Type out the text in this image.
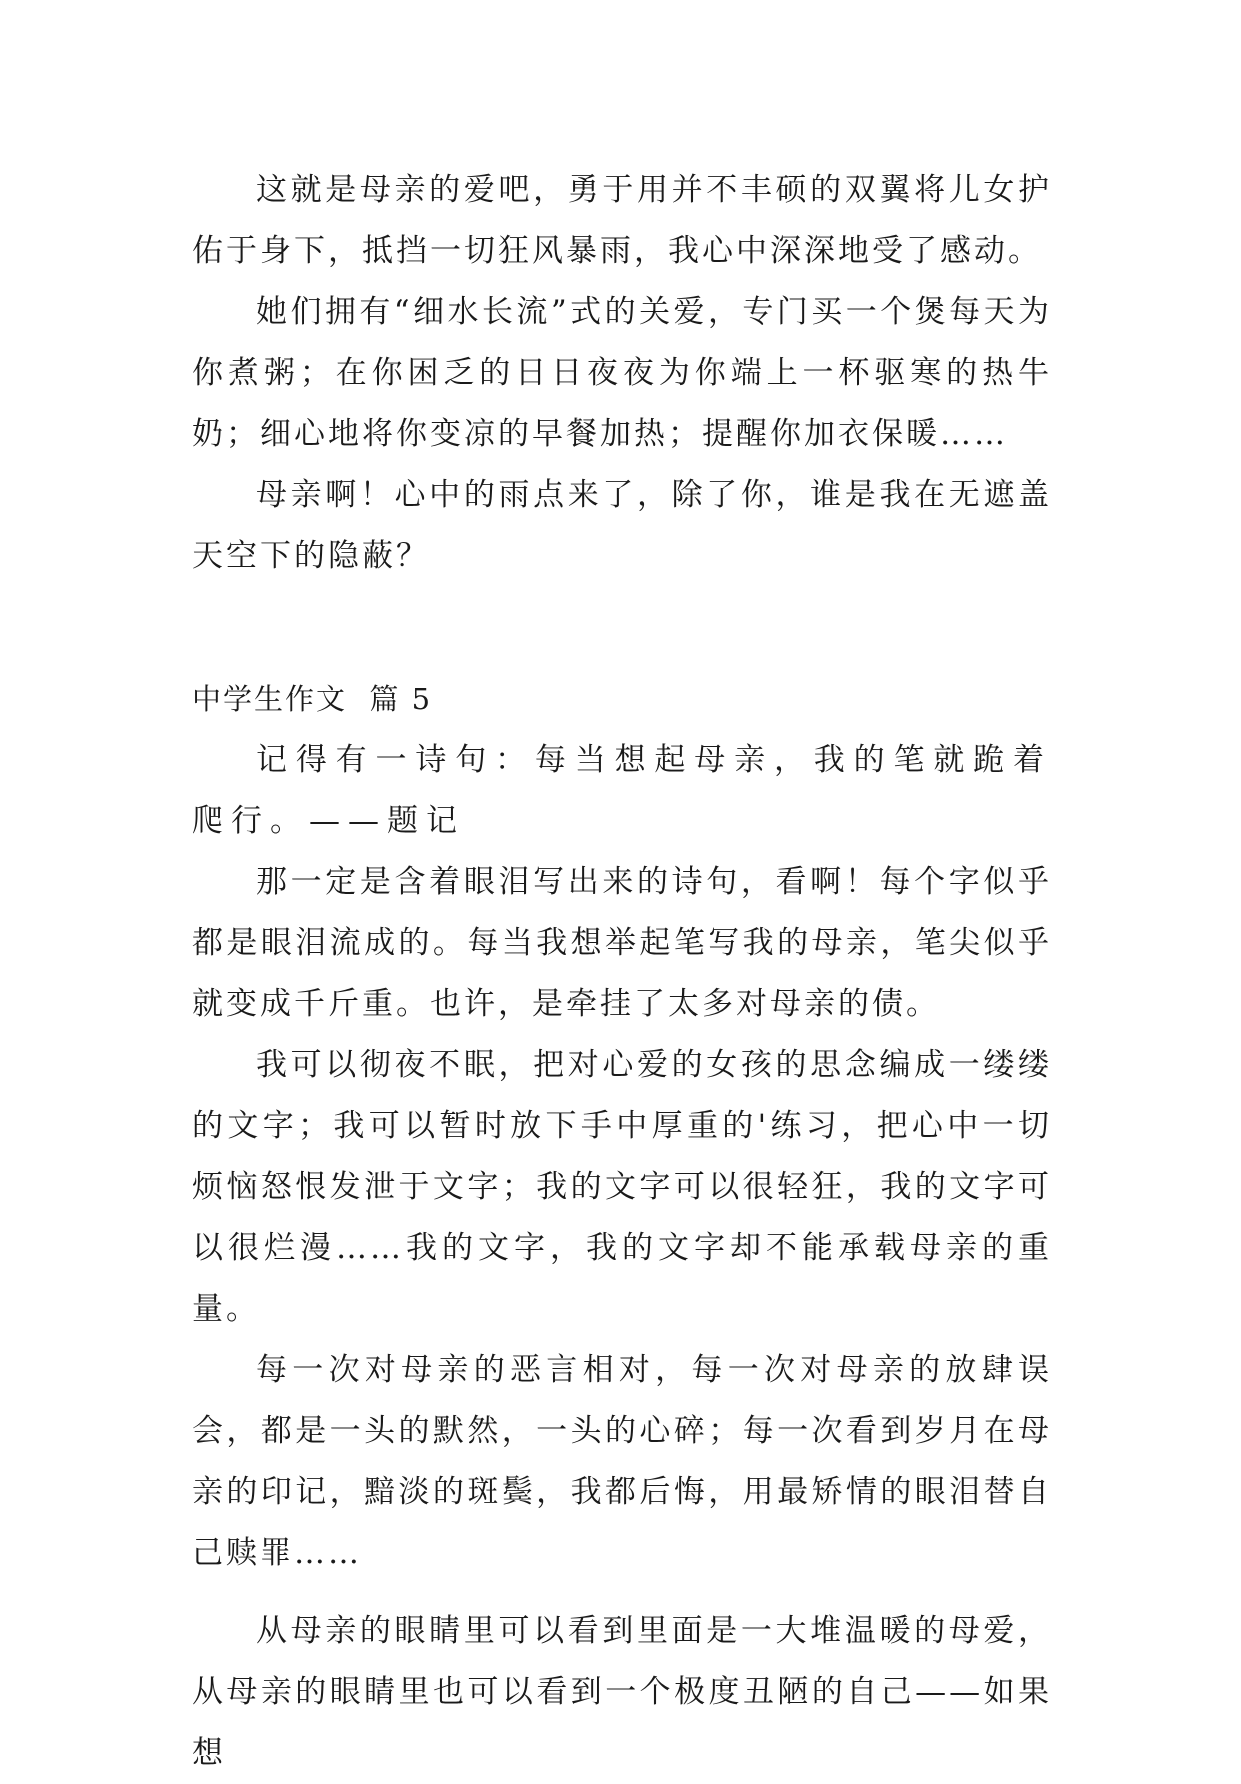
这就是母亲的爱吧，勇于用并不丰硕的双翼将儿女护佑于身下，抵挡一切狂风暴雨，我心中深深地受了感动。

她们拥有“细水长流”式的关爱，专门买一个煲每天为你煮粥；在你困乏的日日夜夜为你端上一杯驱寒的热牛奶；细心地将你变凉的早餐加热；提醒你加衣保暖……

母亲啊！心中的雨点来了，除了你，谁是我在无遮盖天空下的隐蔽？

中学生作文  篇 5

记得有一诗句：每当想起母亲，我的笔就跪着爬行。——题记

那一定是含着眼泪写出来的诗句，看啊！每个字似乎都是眼泪流成的。每当我想举起笔写我的母亲，笔尖似乎就变成千斤重。也许，是牵挂了太多对母亲的债。

我可以彻夜不眠，把对心爱的女孩的思念编成一缕缕的文字；我可以暂时放下手中厚重的'练习，把心中一切烦恼怒恨发泄于文字；我的文字可以很轻狂，我的文字可以很烂漫……我的文字，我的文字却不能承载母亲的重量。

每一次对母亲的恶言相对，每一次对母亲的放肆误会，都是一头的默然，一头的心碎；每一次看到岁月在母亲的印记，黯淡的斑鬓，我都后悔，用最矫情的眼泪替自己赎罪……

从母亲的眼睛里可以看到里面是一大堆温暖的母爱，从母亲的眼睛里也可以看到一个极度丑陋的自己——如果想
